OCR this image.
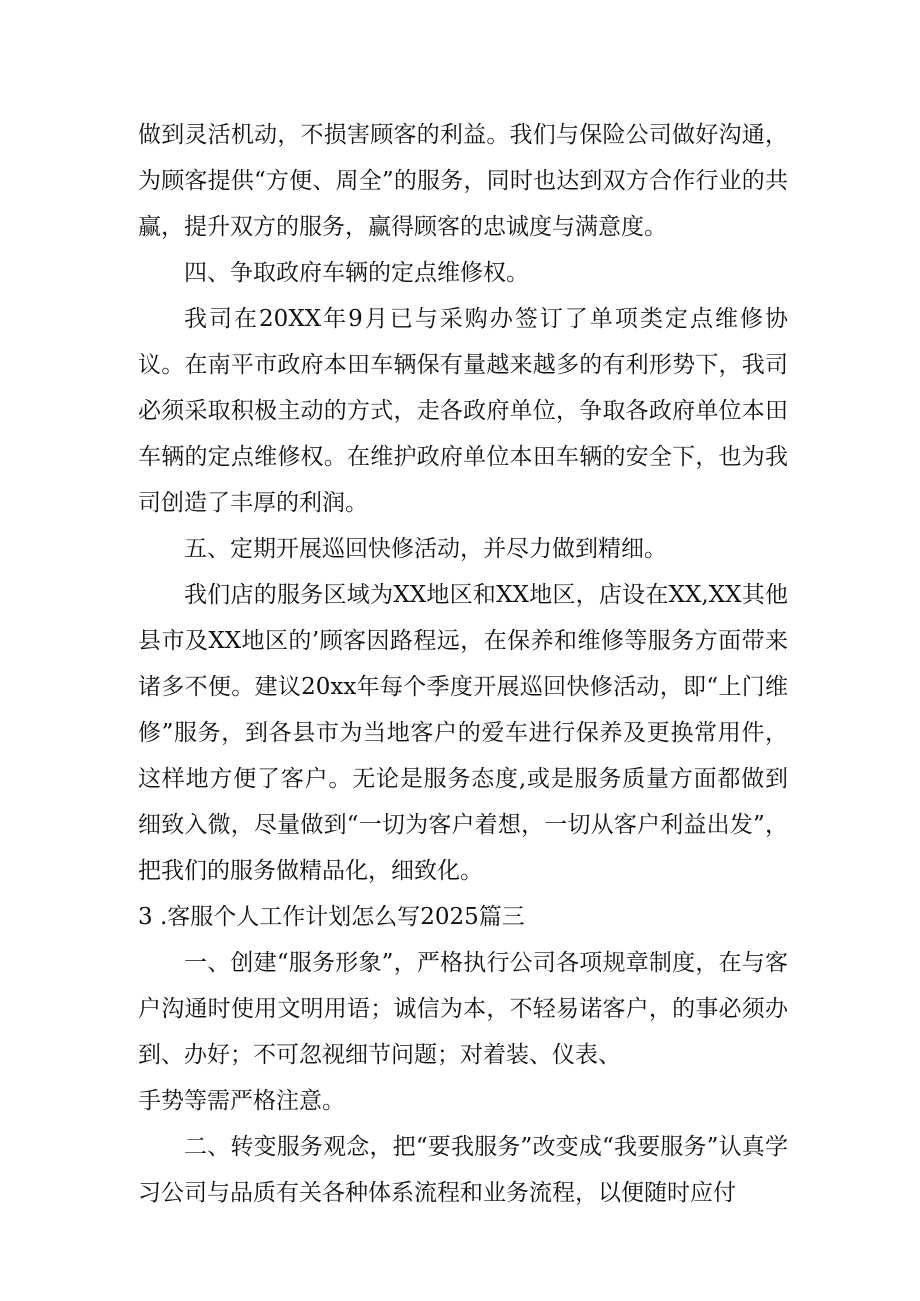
做到灵活机动，不损害顾客的利益。我们与保险公司做好沟通，为顾客提供“方便、周全”的服务，同时也达到双方合作行业的共赢，提升双方的服务，赢得顾客的忠诚度与满意度。

四、争取政府车辆的定点维修权。

我司在20XX年9月已与采购办签订了单项类定点维修协议。在南平市政府本田车辆保有量越来越多的有利形势下，我司必须采取积极主动的方式，走各政府单位，争取各政府单位本田车辆的定点维修权。在维护政府单位本田车辆的安全下，也为我司创造了丰厚的利润。

五、定期开展巡回快修活动，并尽力做到精细。

我们店的服务区域为XX地区和XX地区，店设在XX,XX其他县市及XX地区的’顾客因路程远，在保养和维修等服务方面带来诸多不便。建议20xx年每个季度开展巡回快修活动，即“上门维修”服务，到各县市为当地客户的爱车进行保养及更换常用件，这样地方便了客户。无论是服务态度,或是服务质量方面都做到细致入微，尽量做到“一切为客户着想，一切从客户利益出发”，把我们的服务做精品化，细致化。

3 .客服个人工作计划怎么写2025篇三

一、创建“服务形象”，严格执行公司各项规章制度，在与客户沟通时使用文明用语；诚信为本，不轻易诺客户，的事必须办到、办好；不可忽视细节问题；对着装、仪表、

手势等需严格注意。

二、转变服务观念，把“要我服务”改变成“我要服务”认真学习公司与品质有关各种体系流程和业务流程，以便随时应付
